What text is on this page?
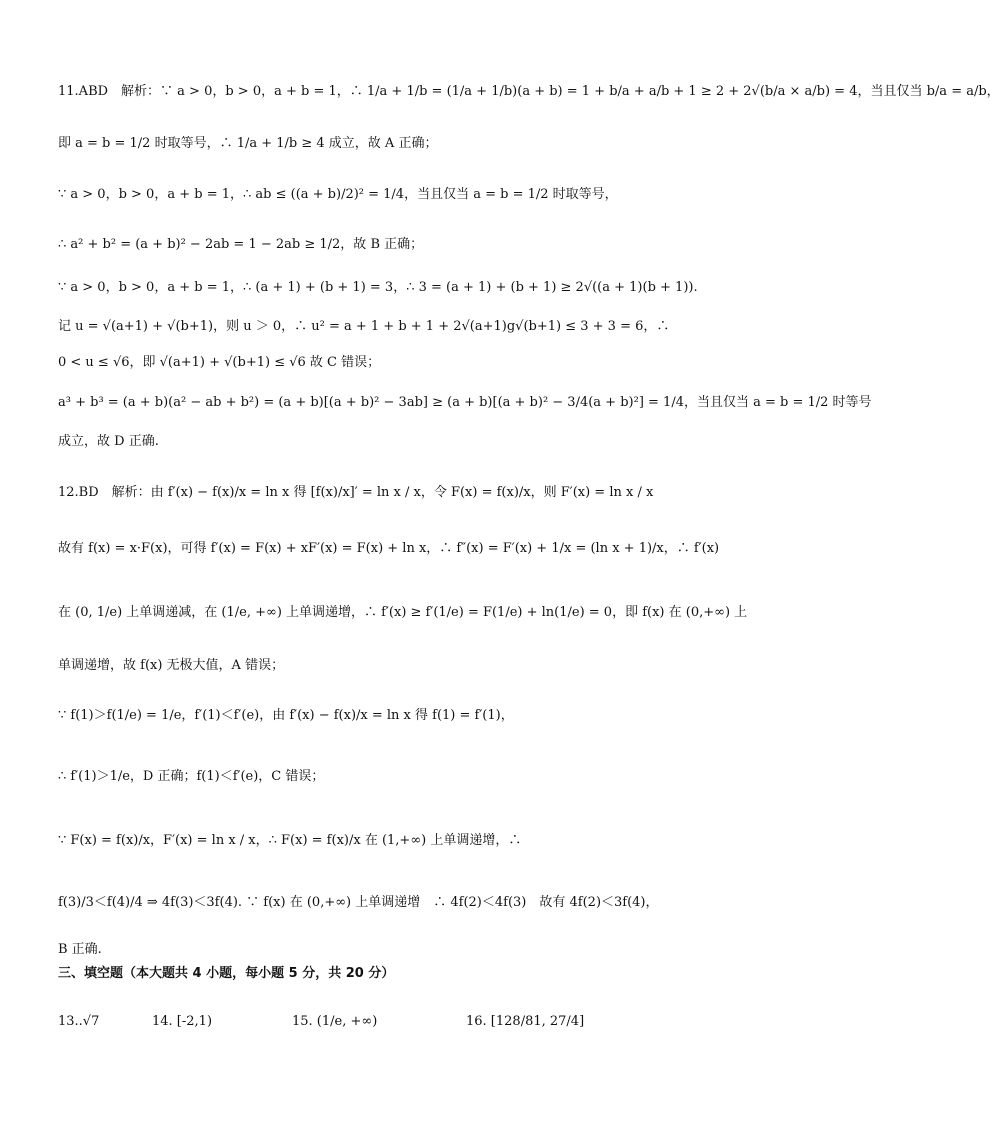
11.ABD　解析：∵ a > 0，b > 0，a + b = 1，∴ 1/a + 1/b = (1/a + 1/b)(a + b) = 1 + b/a + a/b + 1 ≥ 2 + 2√(b/a × a/b) = 4，当且仅当 b/a = a/b，
即 a = b = 1/2 时取等号，∴ 1/a + 1/b ≥ 4 成立，故 A 正确；
∵ a > 0，b > 0，a + b = 1，∴ ab ≤ ((a + b)/2)² = 1/4，当且仅当 a = b = 1/2 时取等号，
∴ a² + b² = (a + b)² − 2ab = 1 − 2ab ≥ 1/2，故 B 正确；
∵ a > 0，b > 0，a + b = 1，∴ (a + 1) + (b + 1) = 3，∴ 3 = (a + 1) + (b + 1) ≥ 2√((a + 1)(b + 1)).
记 u = √(a+1) + √(b+1)，则 u ＞ 0，∴ u² = a + 1 + b + 1 + 2√(a+1)g√(b+1) ≤ 3 + 3 = 6，∴
0 < u ≤ √6，即 √(a+1) + √(b+1) ≤ √6 故 C 错误；
a³ + b³ = (a + b)(a² − ab + b²) = (a + b)[(a + b)² − 3ab] ≥ (a + b)[(a + b)² − 3/4(a + b)²] = 1/4，当且仅当 a = b = 1/2 时等号
成立，故 D 正确.
12.BD　解析：由 f′(x) − f(x)/x = ln x 得 [f(x)/x]′ = ln x / x，令 F(x) = f(x)/x，则 F′(x) = ln x / x
故有 f(x) = x·F(x)，可得 f′(x) = F(x) + xF′(x) = F(x) + ln x，∴ f″(x) = F′(x) + 1/x = (ln x + 1)/x，∴ f′(x)
在 (0, 1/e) 上单调递减，在 (1/e, +∞) 上单调递增，∴ f′(x) ≥ f′(1/e) = F(1/e) + ln(1/e) = 0，即 f(x) 在 (0,+∞) 上
单调递增，故 f(x) 无极大值，A 错误；
∵ f(1)＞f(1/e) = 1/e，f′(1)＜f′(e)，由 f′(x) − f(x)/x = ln x 得 f(1) = f′(1)，
∴ f′(1)＞1/e，D 正确；f(1)＜f′(e)，C 错误；
∵ F(x) = f(x)/x，F′(x) = ln x / x，∴ F(x) = f(x)/x 在 (1,+∞) 上单调递增，∴
f(3)/3＜f(4)/4 ⇒ 4f(3)＜3f(4). ∵ f(x) 在 (0,+∞) 上单调递增　∴ 4f(2)＜4f(3)　故有 4f(2)＜3f(4)，
B 正确.
三、填空题（本大题共 4 小题，每小题 5 分，共 20 分）
13..√7	14. [-2,1)	15. (1/e, +∞)	16. [128/81, 27/4]
